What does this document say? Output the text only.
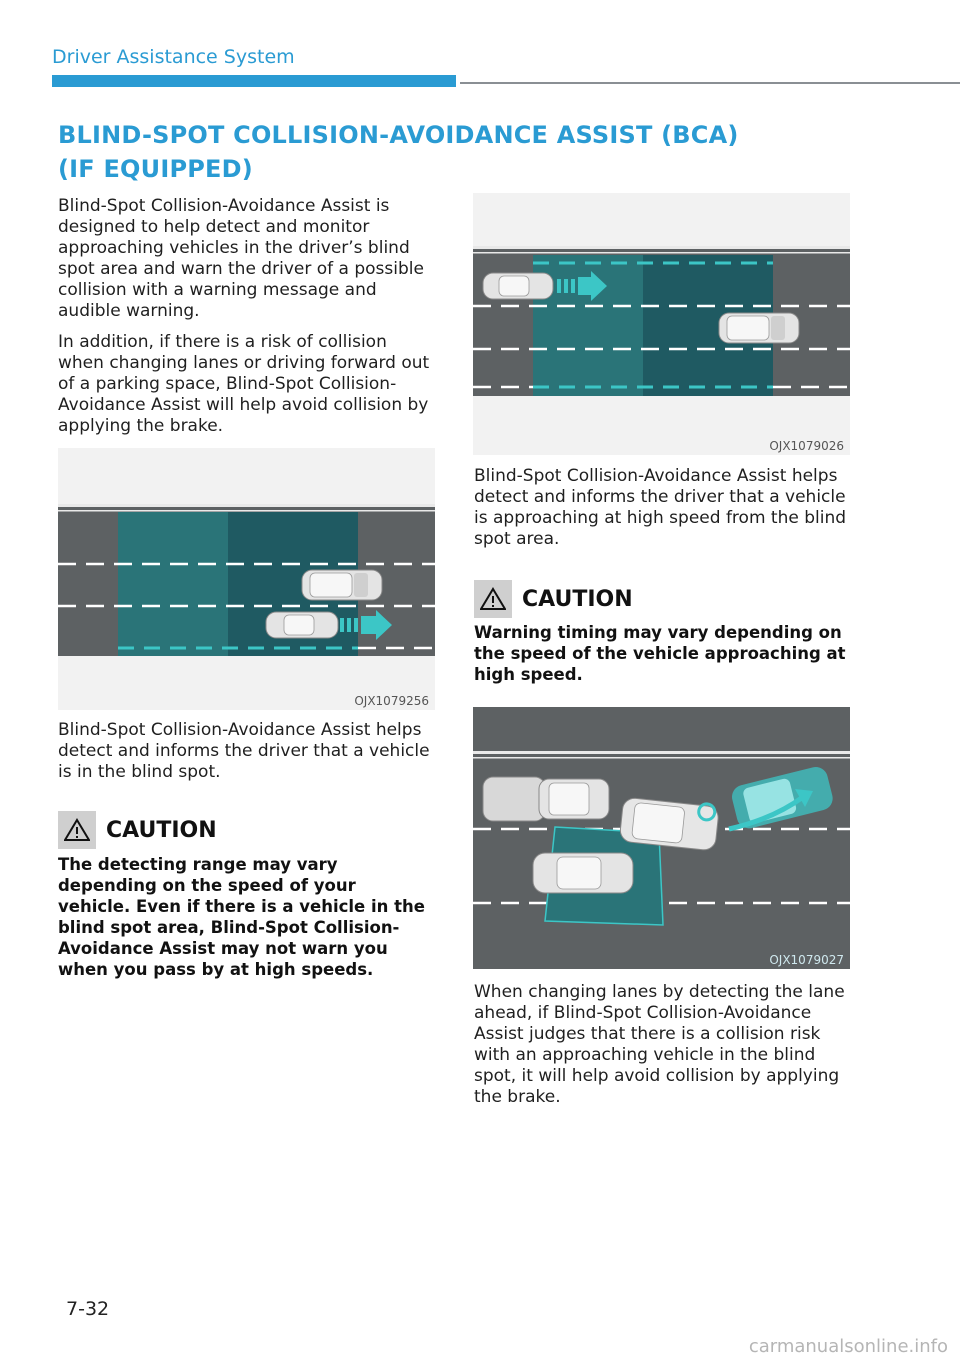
Driver Assistance System
BLIND-SPOT COLLISION-AVOIDANCE ASSIST (BCA)
(IF EQUIPPED)
Blind-Spot Collision-Avoidance Assist is designed to help detect and monitor approaching vehicles in the driver’s blind spot area and warn the driver of a possible collision with a warning message and audible warning.
In addition, if there is a risk of collision when changing lanes or driving forward out of a parking space, Blind-Spot Collision-Avoidance Assist will help avoid collision by applying the brake.
OJX1079256
Blind-Spot Collision-Avoidance Assist helps detect and informs the driver that a vehicle is in the blind spot.
CAUTION
The detecting range may vary depending on the speed of your vehicle. Even if there is a vehicle in the blind spot area, Blind-Spot Collision-Avoidance Assist may not warn you when you pass by at high speeds.
OJX1079026
Blind-Spot Collision-Avoidance Assist helps detect and informs the driver that a vehicle is approaching at high speed from the blind spot area.
CAUTION
Warning timing may vary depending on the speed of the vehicle approaching at high speed.
OJX1079027
When changing lanes by detecting the lane ahead, if Blind-Spot Collision-Avoidance Assist judges that there is a collision risk with an approaching vehicle in the blind spot, it will help avoid collision by applying the brake.
7-32
carmanualsonline.info
